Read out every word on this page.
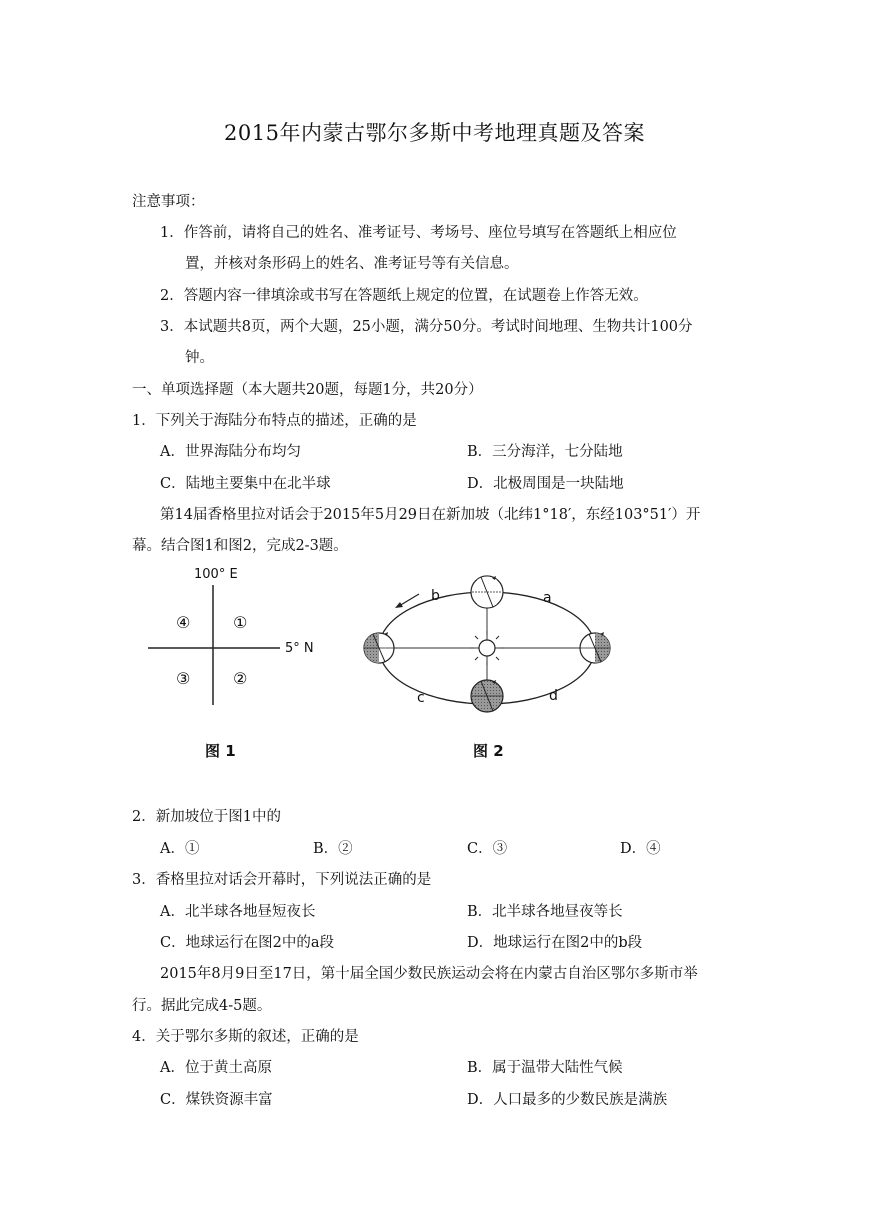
2015年内蒙古鄂尔多斯中考地理真题及答案
注意事项：
1．作答前，请将自己的姓名、准考证号、考场号、座位号填写在答题纸上相应位
置，并核对条形码上的姓名、准考证号等有关信息。
2．答题内容一律填涂或书写在答题纸上规定的位置，在试题卷上作答无效。
3．本试题共8页，两个大题，25小题，满分50分。考试时间地理、生物共计100分
钟。
一、单项选择题（本大题共20题，每题1分，共20分）
1．下列关于海陆分布特点的描述，正确的是
A．世界海陆分布均匀	B．三分海洋，七分陆地
C．陆地主要集中在北半球	D．北极周围是一块陆地
第14届香格里拉对话会于2015年5月29日在新加坡（北纬1°18′，东经103°51′）开
幕。结合图1和图2，完成2-3题。
100° E
5° N
④	①
③	②
图 1
b	a
c	d
图 2
2．新加坡位于图1中的
A．①	B．②	C．③	D．④
3．香格里拉对话会开幕时，下列说法正确的是
A．北半球各地昼短夜长	B．北半球各地昼夜等长
C．地球运行在图2中的a段	D．地球运行在图2中的b段
2015年8月9日至17日，第十届全国少数民族运动会将在内蒙古自治区鄂尔多斯市举
行。据此完成4-5题。
4．关于鄂尔多斯的叙述，正确的是
A．位于黄土高原	B．属于温带大陆性气候
C．煤铁资源丰富	D．人口最多的少数民族是满族
